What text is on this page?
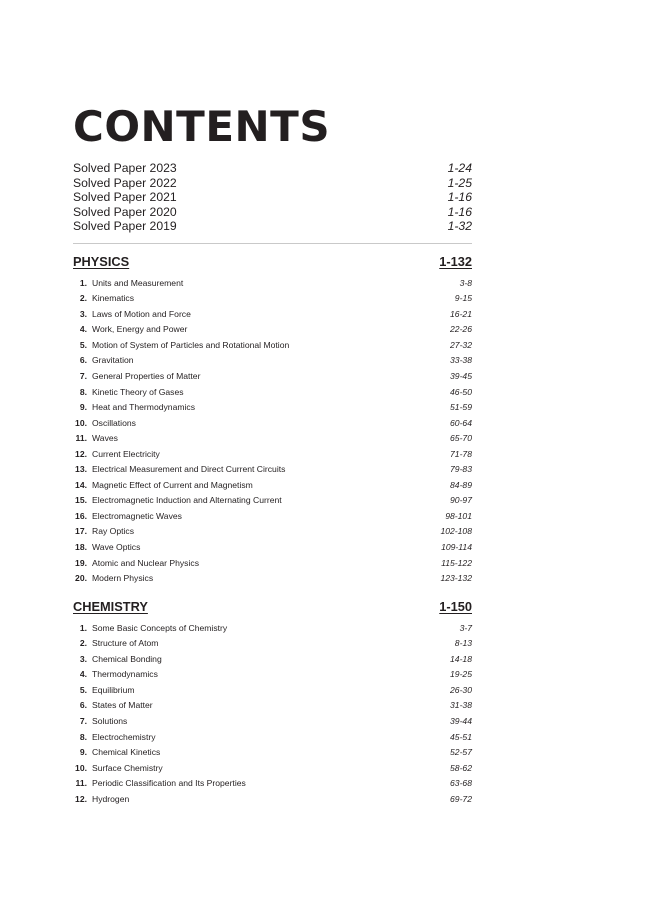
CONTENTS
Solved Paper 2023	1-24
Solved Paper 2022	1-25
Solved Paper 2021	1-16
Solved Paper 2020	1-16
Solved Paper 2019	1-32
PHYSICS	1-132
1. Units and Measurement	3-8
2. Kinematics	9-15
3. Laws of Motion and Force	16-21
4. Work, Energy and Power	22-26
5. Motion of System of Particles and Rotational Motion	27-32
6. Gravitation	33-38
7. General Properties of Matter	39-45
8. Kinetic Theory of Gases	46-50
9. Heat and Thermodynamics	51-59
10. Oscillations	60-64
11. Waves	65-70
12. Current Electricity	71-78
13. Electrical Measurement and Direct Current Circuits	79-83
14. Magnetic Effect of Current and Magnetism	84-89
15. Electromagnetic Induction and Alternating Current	90-97
16. Electromagnetic Waves	98-101
17. Ray Optics	102-108
18. Wave Optics	109-114
19. Atomic and Nuclear Physics	115-122
20. Modern Physics	123-132
CHEMISTRY	1-150
1. Some Basic Concepts of Chemistry	3-7
2. Structure of Atom	8-13
3. Chemical Bonding	14-18
4. Thermodynamics	19-25
5. Equilibrium	26-30
6. States of Matter	31-38
7. Solutions	39-44
8. Electrochemistry	45-51
9. Chemical Kinetics	52-57
10. Surface Chemistry	58-62
11. Periodic Classification and Its Properties	63-68
12. Hydrogen	69-72
